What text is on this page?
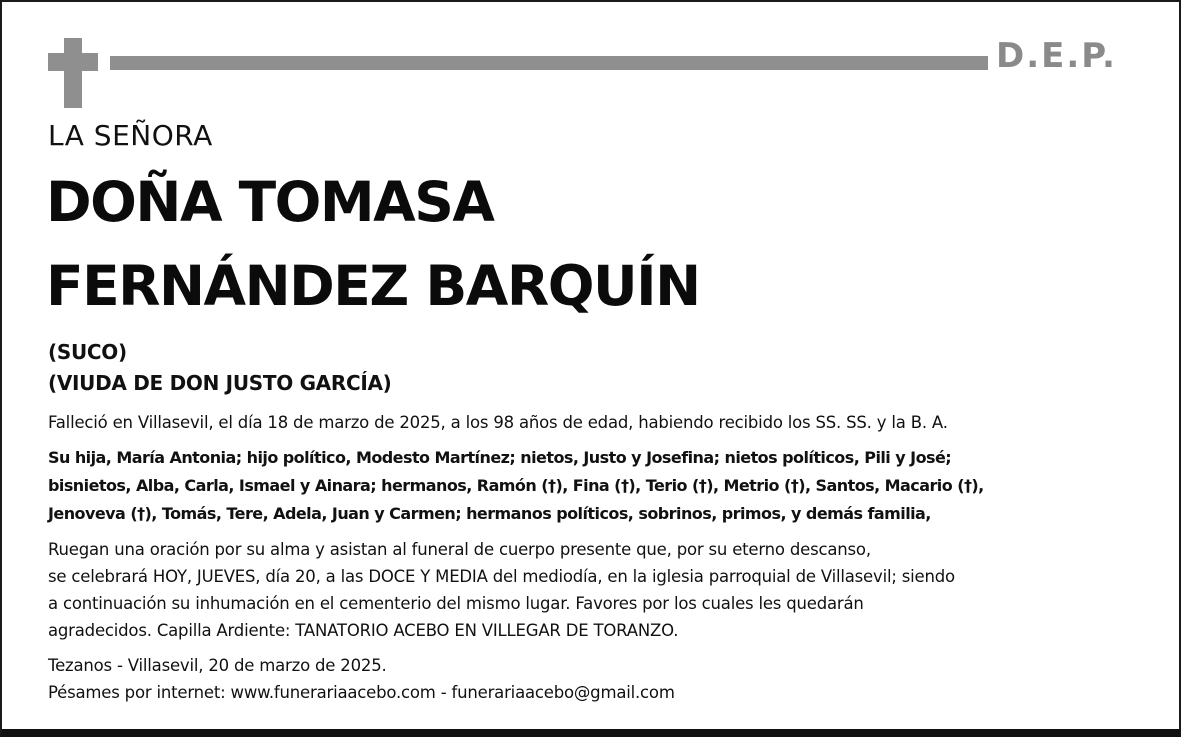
D.E.P.
LA SEÑORA
DOÑA TOMASA
FERNÁNDEZ BARQUÍN
(SUCO)
(VIUDA DE DON JUSTO GARCÍA)
Falleció en Villasevil, el día 18 de marzo de 2025, a los 98 años de edad, habiendo recibido los SS. SS. y la B. A.
Su hija, María Antonia; hijo político, Modesto Martínez; nietos, Justo y Josefina; nietos políticos, Pili y José;
bisnietos, Alba, Carla, Ismael y Ainara; hermanos, Ramón (†), Fina (†), Terio (†), Metrio (†), Santos, Macario (†),
Jenoveva (†), Tomás, Tere, Adela, Juan y Carmen; hermanos políticos, sobrinos, primos, y demás familia,
Ruegan una oración por su alma y asistan al funeral de cuerpo presente que, por su eterno descanso,
se celebrará HOY, JUEVES, día 20, a las DOCE Y MEDIA del mediodía, en la iglesia parroquial de Villasevil; siendo
a continuación su inhumación en el cementerio del mismo lugar. Favores por los cuales les quedarán
agradecidos. Capilla Ardiente: TANATORIO ACEBO EN VILLEGAR DE TORANZO.
Tezanos - Villasevil, 20 de marzo de 2025.
Pésames por internet: www.funerariaacebo.com - funerariaacebo@gmail.com
